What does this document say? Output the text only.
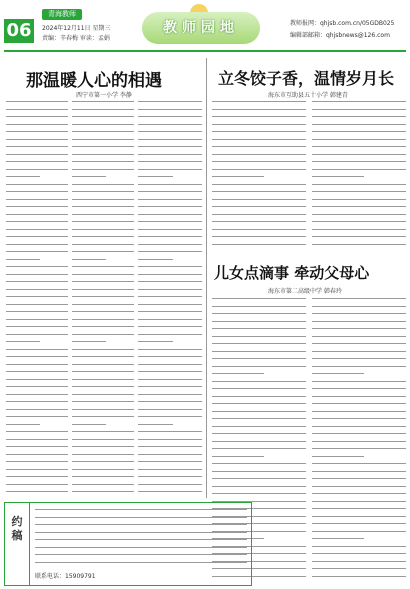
06
青海教师
2024年12月11日 星期三
责编：辛春梅 审读：孟娟
教师园地	教师报网：qhjsb.com.cn/05GDB025
编辑部邮箱：qhjsbnews@126.com
那温暖人心的相遇
西宁市第一小学 李静
立冬饺子香，温情岁月长
海东市互助县五十小学 韩建青
儿女点滴事 牵动父母心
海东市第二高级中学 韩春玲
约稿
联系电话：15909791
